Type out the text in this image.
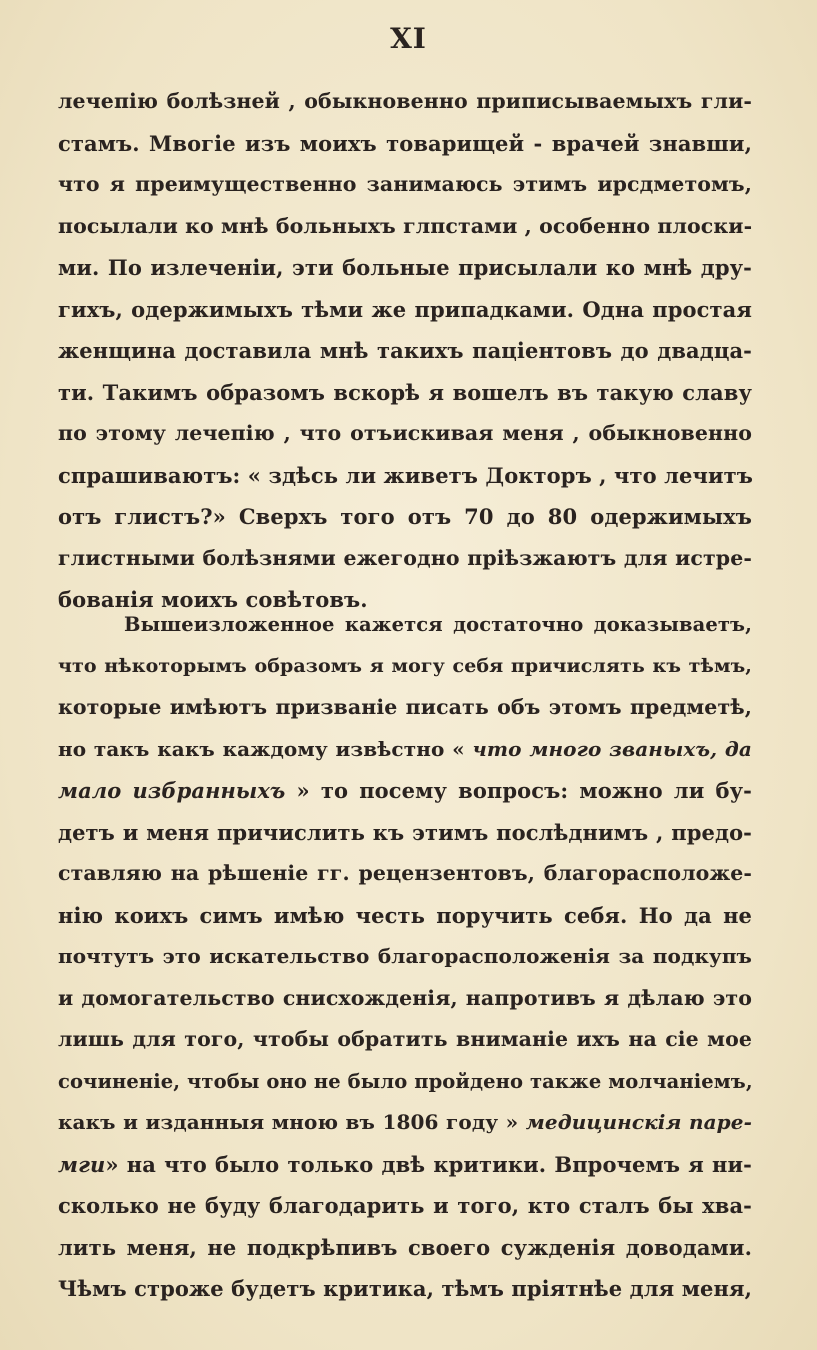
XI
лечепію болѣзней , обыкновенно приписываемыхъ гли-
стамъ. Мвогіе изъ моихъ товарищей - врачей знавши,
что я преимущественно занимаюсь этимъ ирсдметомъ,
посылали ко мнѣ больныхъ глпстами , особенно плоски-
ми. По излеченіи, эти больные присылали ко мнѣ дру-
гихъ, одержимыхъ тѣми же припадками. Одна простая
женщина доставила мнѣ такихъ паціентовъ до двадца-
ти. Такимъ образомъ вскорѣ я вошелъ въ такую славу
по этому лечепію , что отъискивая меня , обыкновенно
спрашиваютъ: « здѣсь ли живетъ Докторъ , что лечитъ
отъ глистъ?» Сверхъ того отъ 70 до 80 одержимыхъ
глистными болѣзнями ежегодно пріѣзжаютъ для истре-
бованія моихъ совѣтовъ.
Вышеизложенное кажется достаточно доказываетъ,
что нѣкоторымъ образомъ я могу себя причислять къ тѣмъ,
которые имѣютъ призваніе писать объ этомъ предметѣ,
но такъ какъ каждому извѣстно « что много званыхъ, да
мало избранныхъ » то посему вопросъ: можно ли бу-
детъ и меня причислить къ этимъ послѣднимъ , предо-
ставляю на рѣшеніе гг. рецензентовъ, благорасположе-
нію коихъ симъ имѣю честь поручить себя. Но да не
почтутъ это искательство благорасположенія за подкупъ
и домогательство снисхожденія, напротивъ я дѣлаю это
лишь для того, чтобы обратить вниманіе ихъ на сіе мое
сочиненіе, чтобы оно не было пройдено также молчаніемъ,
какъ и изданныя мною въ 1806 году » медицинскія паре-
мги» на что было только двѣ критики. Впрочемъ я ни-
сколько не буду благодарить и того, кто сталъ бы хва-
лить меня, не подкрѣпивъ своего сужденія доводами.
Чѣмъ строже будетъ критика, тѣмъ пріятнѣе для меня,
